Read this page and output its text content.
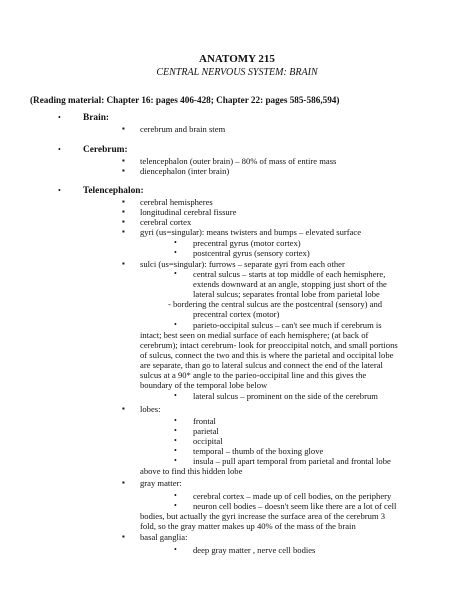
ANATOMY 215
CENTRAL NERVOUS SYSTEM: BRAIN
(Reading material: Chapter 16: pages 406-428; Chapter 22: pages 585-586,594)
• Brain:
▪ cerebrum and brain stem
• Cerebrum:
▪ telencephalon (outer brain) – 80% of mass of entire mass
▪ diencephalon (inter brain)
• Telencephalon:
▪ cerebral hemispheres
▪ longitudinal cerebral fissure
▪ cerebral cortex
▪ gyri (us=singular): means twisters and bumps – elevated surface
• precentral gyrus (motor cortex)
• postcentral gyrus (sensory cortex)
▪ sulci (us=singular): furrows – separate gyri from each other
• central sulcus – starts at top middle of each hemisphere,
extends downward at an angle, stopping just short of the
lateral sulcus; separates frontal lobe from parietal lobe
- bordering the central sulcus are the postcentral (sensory) and
precentral cortex (motor)
• parieto-occipital sulcus – can't see much if cerebrum is
intact; best seen on medial surface of each hemisphere; (at back of
cerebrum); intact cerebrum- look for preoccipital notch, and small portions
of sulcus, connect the two and this is where the parietal and occipital lobe
are separate, than go to lateral sulcus and connect the end of the lateral
sulcus at a 90* angle to the parieo-occipital line and this gives the
boundary of the temporal lobe below
• lateral sulcus – prominent on the side of the cerebrum
▪ lobes:
• frontal
• parietal
• occipital
• temporal – thumb of the boxing glove
• insula – pull apart temporal from parietal and frontal lobe
above to find this hidden lobe
▪ gray matter:
• cerebral cortex – made up of cell bodies, on the periphery
• neuron cell bodies – doesn't seem like there are a lot of cell
bodies, but actually the gyri increase the surface area of the cerebrum 3
fold, so the gray matter makes up 40% of the mass of the brain
▪ basal ganglia:
• deep gray matter , nerve cell bodies
